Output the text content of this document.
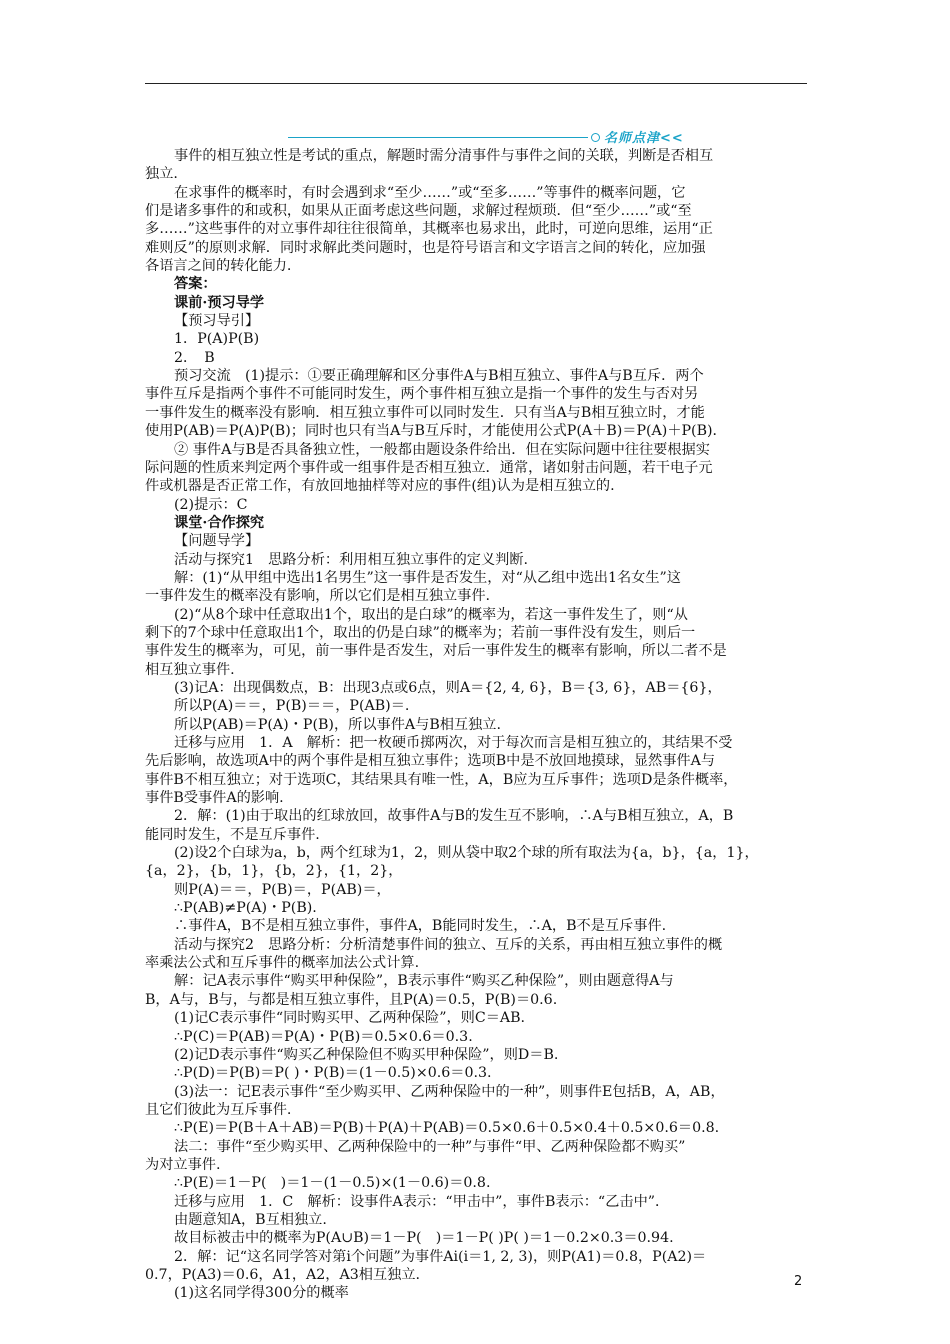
名师点津<<
事件的相互独立性是考试的重点，解题时需分清事件与事件之间的关联，判断是否相互
独立.
在求事件的概率时，有时会遇到求“至少……”或“至多……”等事件的概率问题，它
们是诸多事件的和或积，如果从正面考虑这些问题，求解过程烦琐．但“至少……”或“至
多……”这些事件的对立事件却往往很简单，其概率也易求出，此时，可逆向思维，运用“正
难则反”的原则求解．同时求解此类问题时，也是符号语言和文字语言之间的转化，应加强
各语言之间的转化能力.
答案：
课前·预习导学
【预习导引】
1．P(A)P(B)
2．　B
预习交流　(1)提示：①要正确理解和区分事件A与B相互独立、事件A与B互斥．两个
事件互斥是指两个事件不可能同时发生，两个事件相互独立是指一个事件的发生与否对另
一事件发生的概率没有影响．相互独立事件可以同时发生．只有当A与B相互独立时，才能
使用P(AB)＝P(A)P(B)；同时也只有当A与B互斥时，才能使用公式P(A＋B)＝P(A)＋P(B)．
② 事件A与B是否具备独立性，一般都由题设条件给出．但在实际问题中往往要根据实
际问题的性质来判定两个事件或一组事件是否相互独立．通常，诸如射击问题，若干电子元
件或机器是否正常工作，有放回地抽样等对应的事件(组)认为是相互独立的.
(2)提示：C
课堂·合作探究
【问题导学】
活动与探究1　思路分析：利用相互独立事件的定义判断.
解：(1)“从甲组中选出1名男生”这一事件是否发生，对“从乙组中选出1名女生”这
一事件发生的概率没有影响，所以它们是相互独立事件.
(2)“从8个球中任意取出1个，取出的是白球”的概率为，若这一事件发生了，则“从
剩下的7个球中任意取出1个，取出的仍是白球”的概率为；若前一事件没有发生，则后一
事件发生的概率为，可见，前一事件是否发生，对后一事件发生的概率有影响，所以二者不是
相互独立事件.
(3)记A：出现偶数点，B：出现3点或6点，则A＝{2, 4, 6}，B＝{3, 6}，AB＝{6}，
所以P(A)＝＝，P(B)＝＝，P(AB)＝.
所以P(AB)＝P(A)・P(B)，所以事件A与B相互独立.
迁移与应用　1．A　解析：把一枚硬币掷两次，对于每次而言是相互独立的，其结果不受
先后影响，故选项A中的两个事件是相互独立事件；选项B中是不放回地摸球，显然事件A与
事件B不相互独立；对于选项C，其结果具有唯一性，A，B应为互斥事件；选项D是条件概率，
事件B受事件A的影响.
2．解：(1)由于取出的红球放回，故事件A与B的发生互不影响，∴A与B相互独立，A，B
能同时发生，不是互斥事件.
(2)设2个白球为a，b，两个红球为1，2，则从袋中取2个球的所有取法为{a，b}，{a，1}，
{a，2}，{b，1}，{b，2}，{1，2}，
则P(A)＝＝，P(B)＝，P(AB)＝，
∴P(AB)≠P(A)・P(B).
∴事件A，B不是相互独立事件，事件A，B能同时发生，∴A，B不是互斥事件.
活动与探究2　思路分析：分析清楚事件间的独立、互斥的关系，再由相互独立事件的概
率乘法公式和互斥事件的概率加法公式计算.
解：记A表示事件“购买甲种保险”，B表示事件“购买乙种保险”，则由题意得A与
B，A与，B与，与都是相互独立事件，且P(A)＝0.5，P(B)＝0.6.
(1)记C表示事件“同时购买甲、乙两种保险”，则C＝AB.
∴P(C)＝P(AB)＝P(A)・P(B)＝0.5×0.6＝0.3.
(2)记D表示事件“购买乙种保险但不购买甲种保险”，则D＝B.
∴P(D)＝P(B)＝P( )・P(B)＝(1－0.5)×0.6＝0.3.
(3)法一：记E表示事件“至少购买甲、乙两种保险中的一种”，则事件E包括B，A，AB，
且它们彼此为互斥事件.
∴P(E)＝P(B＋A＋AB)＝P(B)＋P(A)＋P(AB)＝0.5×0.6＋0.5×0.4＋0.5×0.6＝0.8.
法二：事件“至少购买甲、乙两种保险中的一种”与事件“甲、乙两种保险都不购买”
为对立事件.
∴P(E)＝1－P(　)＝1－(1－0.5)×(1－0.6)＝0.8.
迁移与应用　1．C　解析：设事件A表示：“甲击中”，事件B表示：“乙击中”．
由题意知A，B互相独立.
故目标被击中的概率为P(A∪B)＝1－P(　)＝1－P( )P( )＝1－0.2×0.3＝0.94.
2．解：记“这名同学答对第i个问题”为事件Ai(i＝1, 2, 3)，则P(A1)＝0.8，P(A2)＝
0.7，P(A3)＝0.6，A1，A2，A3相互独立.
(1)这名同学得300分的概率
2
